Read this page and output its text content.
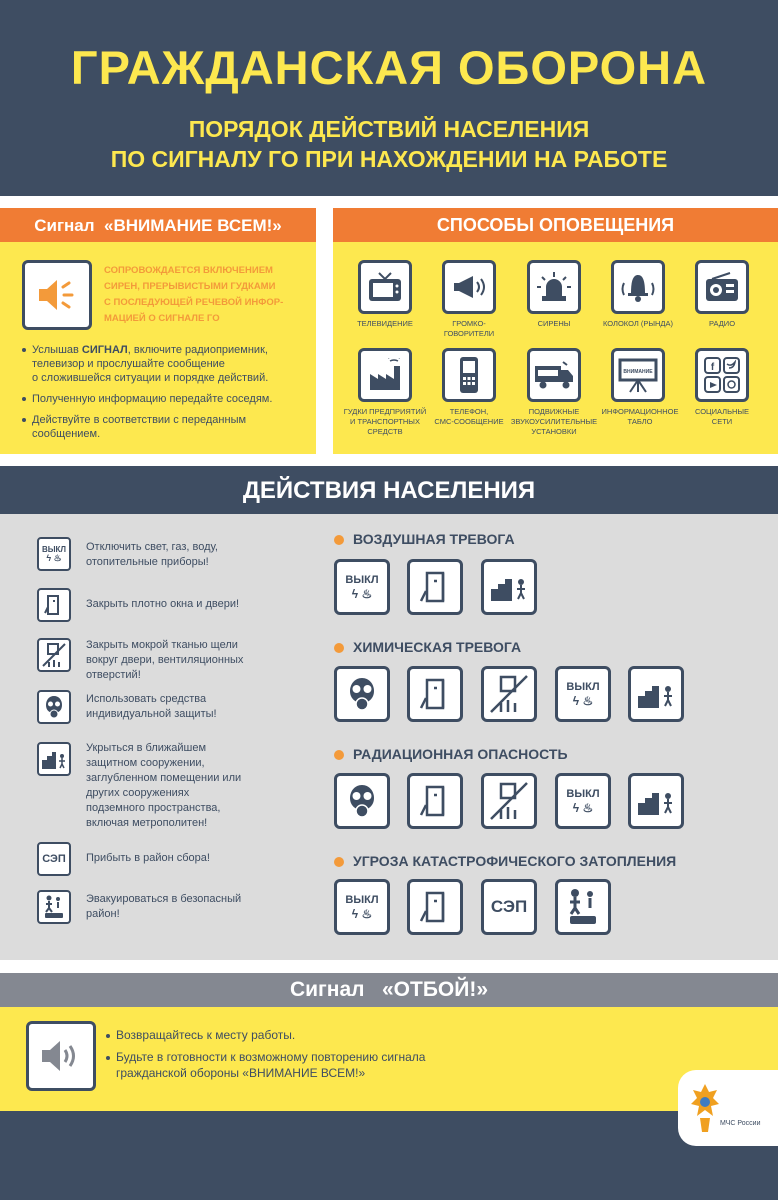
ГРАЖДАНСКАЯ ОБОРОНА
ПОРЯДОК ДЕЙСТВИЙ НАСЕЛЕНИЯ
ПО СИГНАЛУ ГО ПРИ НАХОЖДЕНИИ НА РАБОТЕ
Сигнал  «ВНИМАНИЕ ВСЕМ!»
СОПРОВОЖДАЕТСЯ ВКЛЮЧЕНИЕМ
СИРЕН, ПРЕРЫВИСТЫМИ ГУДКАМИ
С ПОСЛЕДУЮЩЕЙ РЕЧЕВОЙ ИНФОР-
МАЦИЕЙ О СИГНАЛЕ ГО
Услышав СИГНАЛ, включите радиоприемник,
телевизор и прослушайте сообщение
о сложившейся ситуации и порядке действий.
Полученную информацию передайте соседям.
Действуйте в соответствии с переданным
сообщением.
СПОСОБЫ ОПОВЕЩЕНИЯ
ТЕЛЕВИДЕНИЕ	ГРОМКО-
ГОВОРИТЕЛИ
СИРЕНЫ	КОЛОКОЛ (РЫНДА)	РАДИО
ГУДКИ ПРЕДПРИЯТИЙ
И ТРАНСПОРТНЫХ
СРЕДСТВ
ТЕЛЕФОН,
СМС-СООБЩЕНИЕ
ПОДВИЖНЫЕ
ЗВУКОУСИЛИТЕЛЬНЫЕ
УСТАНОВКИ
ВНИМАНИЕ
ИНФОРМАЦИОННОЕ
ТАБЛО
f
СОЦИАЛЬНЫЕ
СЕТИ
ДЕЙСТВИЯ НАСЕЛЕНИЯ
ВЫКЛ
ϟ ♨
Отключить свет, газ, воду,
отопительные приборы!
Закрыть плотно окна и двери!
Закрыть мокрой тканью щели
вокруг двери, вентиляционных
отверстий!
Использовать средства
индивидуальной защиты!
Укрыться в ближайшем
защитном сооружении,
заглубленном помещении или
других сооружениях
подземного пространства,
включая метрополитен!
СЭП Прибыть в район сбора!
Эвакуироваться в безопасный
район!
ВОЗДУШНАЯ ТРЕВОГА
ХИМИЧЕСКАЯ ТРЕВОГА
РАДИАЦИОННАЯ ОПАСНОСТЬ
УГРОЗА КАТАСТРОФИЧЕСКОГО ЗАТОПЛЕНИЯ
ВЫКЛ
ϟ ♨
ВЫКЛ
ϟ ♨
ВЫКЛ
ϟ ♨
ВЫКЛ
ϟ ♨	СЭП
Сигнал   «ОТБОЙ!»
Возвращайтесь к месту работы.
Будьте в готовности к возможному повторению сигнала
гражданской обороны «ВНИМАНИЕ ВСЕМ!»
МЧС России
